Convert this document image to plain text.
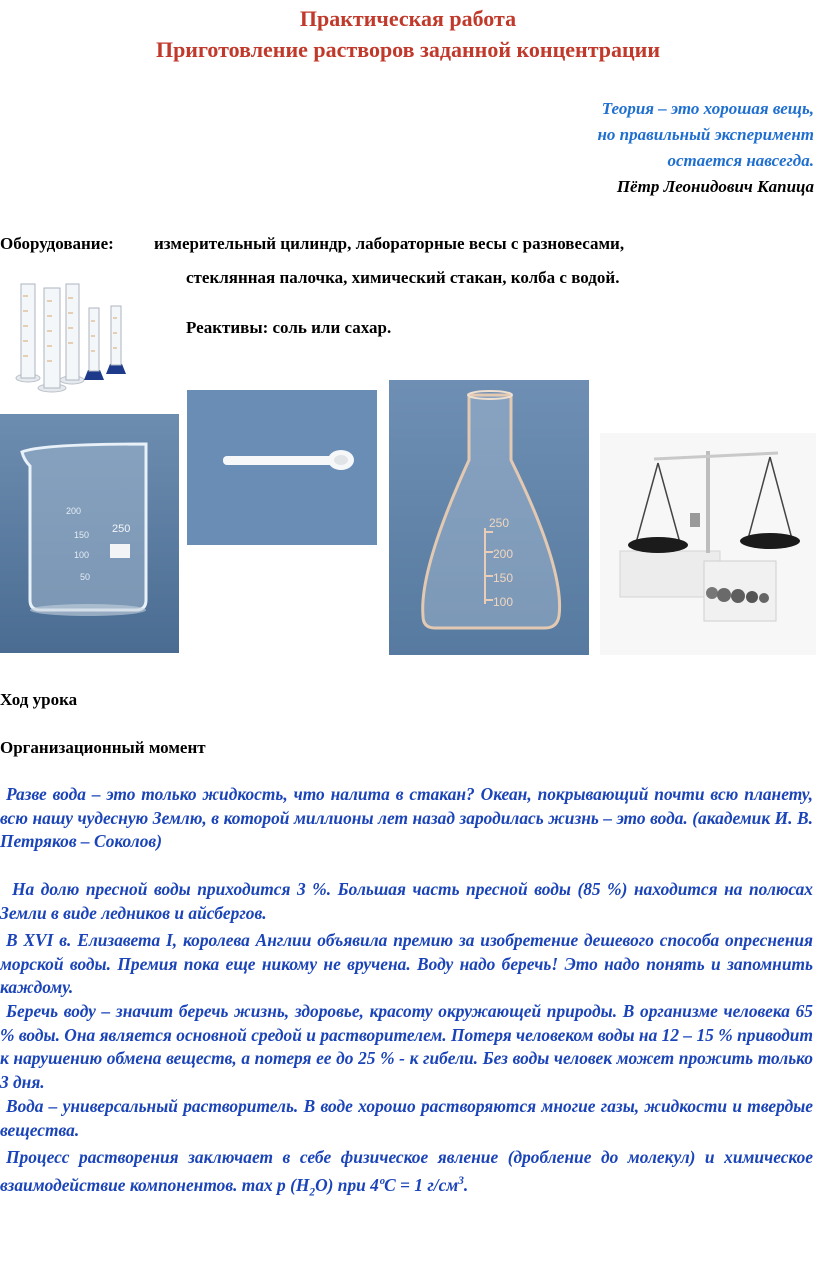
Практическая работа
Приготовление растворов заданной концентрации
Теория – это хорошая вещь,
но правильный эксперимент
остается навсегда.
Пётр Леонидович Капица
Оборудование: измерительный цилиндр, лабораторные весы с разновесами,
стеклянная палочка, химический стакан, колба с водой.
Реактивы: соль или сахар.
250
200
150
100
50
250
200
150
100
Ход урока
Организационный момент
Разве вода – это только жидкость, что налита в стакан? Океан, покрывающий почти всю планету, всю нашу чудесную Землю, в которой миллионы лет назад зародилась жизнь – это вода. (академик И. В. Петряков – Соколов)
На долю пресной воды приходится 3 %. Большая часть пресной воды (85 %) находится на полюсах Земли в виде ледников и айсбергов.
В XVI в. Елизавета I, королева Англии объявила премию за изобретение дешевого способа опреснения морской воды. Премия пока еще никому не вручена. Воду надо беречь! Это надо понять и запомнить каждому.
Беречь воду – значит беречь жизнь, здоровье, красоту окружающей природы. В организме человека 65 % воды. Она является основной средой и растворителем. Потеря человеком воды на 12 – 15 % приводит к нарушению обмена веществ, а потеря ее до 25 % - к гибели. Без воды человек может прожить только 3 дня.
Вода – универсальный растворитель. В воде хорошо растворяются многие газы, жидкости и твердые вещества.
Процесс растворения заключает в себе физическое явление (дробление до молекул) и химическое взаимодействие компонентов. тах р $(H_2O)$ при 4ºC = 1 $г/см^3$.
